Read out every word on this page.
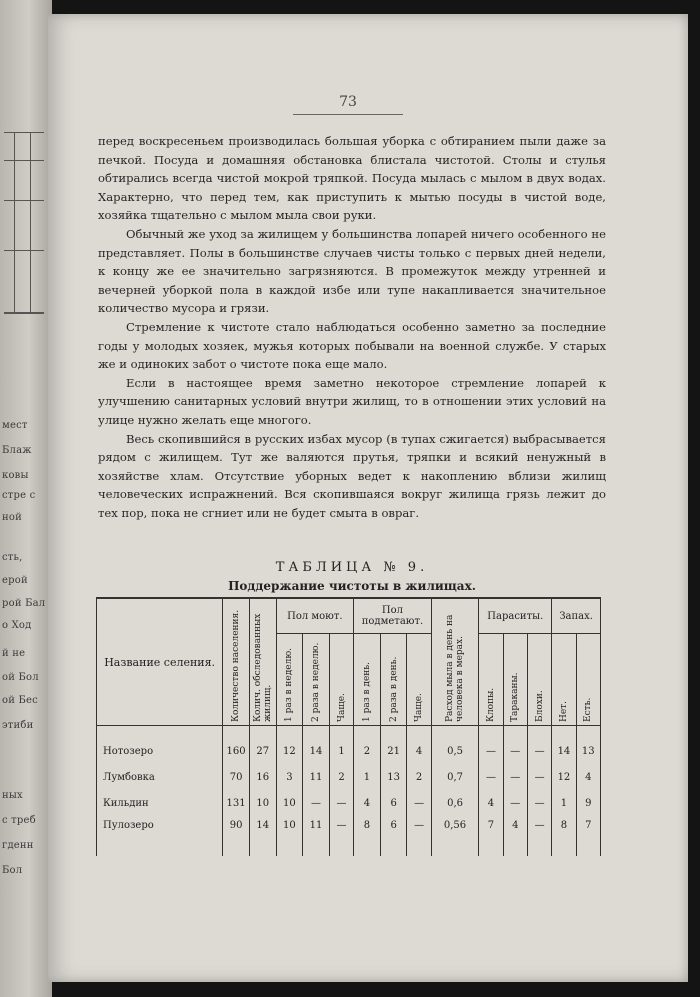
мест
Блаж
ковы
стре с
ной
сть,
ерой
рой Бал
о Ход
й не
ой Бол
ой Бес
этиби
ных
с треб
гденн
Бол
73

перед воскресеньем производилась большая уборка с обтиранием пыли даже за печкой. Посуда и домашняя обстановка блистала чистотой. Столы и стулья обтирались всегда чистой мокрой тряпкой. Посуда мылась с мылом в двух водах. Характерно, что перед тем, как приступить к мытью посуды в чистой воде, хозяйка тщательно с мылом мыла свои руки.

Обычный же уход за жилищем у большинства лопарей ничего особенного не представляет. Полы в большинстве случаев чисты только с первых дней недели, к концу же ее значительно загрязняются. В промежуток между утренней и вечерней уборкой пола в каждой избе или тупе накапливается значительное количество мусора и грязи.

Стремление к чистоте стало наблюдаться особенно заметно за последние годы у молодых хозяек, мужья которых побывали на военной службе. У старых же и одиноких забот о чистоте пока еще мало.

Если в настоящее время заметно некоторое стремление лопарей к улучшению санитарных условий внутри жилищ, то в отношении этих условий на улице нужно желать еще многого.

Весь скопившийся в русских избах мусор (в тупах сжигается) выбрасывается рядом с жилищем. Тут же валяются прутья, тряпки и всякий ненужный в хозяйстве хлам. Отсутствие уборных ведет к накоплению вблизи жилищ человеческих испражнений. Вся скопившаяся вокруг жилища грязь лежит до тех пор, пока не сгниет или не будет смыта в овраг.

ТАБЛИЦА № 9.
Поддержание чистоты в жилищах.
Название селения.	Количество населения.	Колич. обследованных жилищ.	Пол моют.			Пол подметают.			Расход мыла в день на человека в мерах.	Параситы.			Запах.	
			1 раз в неделю.	2 раза в неделю.	Чаще.	1 раз в день.	2 раза в день.	Чаще.		Клопы.	Тараканы.	Блохи.	Нет.	Есть.
Нотозеро	160	27	12	14	1	2	21	4	0,5	—	—	—	14	13
Лумбовка	70	16	3	11	2	1	13	2	0,7	—	—	—	12	4
Кильдин	131	10	10	—	—	4	6	—	0,6	4	—	—	1	9
Пулозеро	90	14	10	11	—	8	6	—	0,56	7	4	—	8	7
